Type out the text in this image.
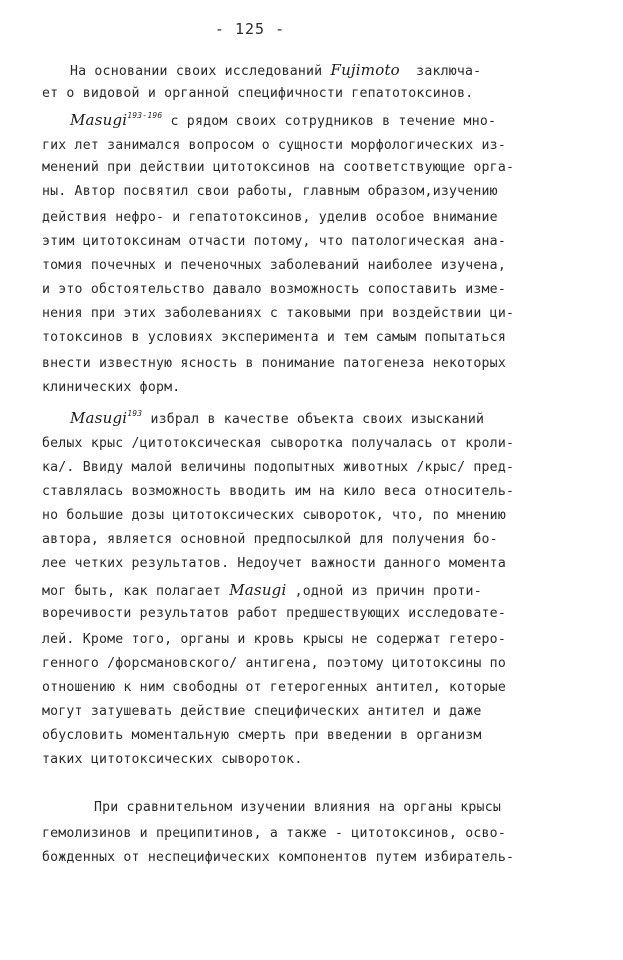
- 125 -
На основании своих исследований Fujimoto  заключа-
ет о видовой и органной специфичности гепатотоксинов.
Masugi$^{193-196}$ с рядом своих сотрудников в течение мно-
гих лет занимался вопросом о сущности морфологических из-
менений при действии цитотоксинов на соответствующие орга-
ны. Автор посвятил свои работы, главным образом,изучению
действия нефро- и гепатотоксинов, уделив особое внимание
этим цитотоксинам отчасти потому, что патологическая ана-
томия почечных и печеночных заболеваний наиболее изучена,
и это обстоятельство давало возможность сопоставить изме-
нения при этих заболеваниях с таковыми при воздействии ци-
тотоксинов в условиях эксперимента и тем самым попытаться
внести известную ясность в понимание патогенеза некоторых
клинических форм.
Masugi$^{193}$ избрал в качестве объекта своих изысканий
белых крыс /цитотоксическая сыворотка получалась от кроли-
ка/. Ввиду малой величины подопытных животных /крыс/ пред-
ставлялась возможность вводить им на кило веса относитель-
но большие дозы цитотоксических сывороток, что, по мнению
автора, является основной предпосылкой для получения бо-
лее четких результатов. Недоучет важности данного момента
мог быть, как полагает Masugi ,одной из причин проти-
воречивости результатов работ предшествующих исследовате-
лей. Кроме того, органы и кровь крысы не содержат гетеро-
генного /форсмановского/ антигена, поэтому цитотоксины по
отношению к ним свободны от гетерогенных антител, которые
могут затушевать действие специфических антител и даже
обусловить моментальную смерть при введении в организм
таких цитотоксических сывороток.
При сравнительном изучении влияния на органы крысы
гемолизинов и преципитинов, а также - цитотоксинов, осво-
божденных от неспецифических компонентов путем избиратель-
